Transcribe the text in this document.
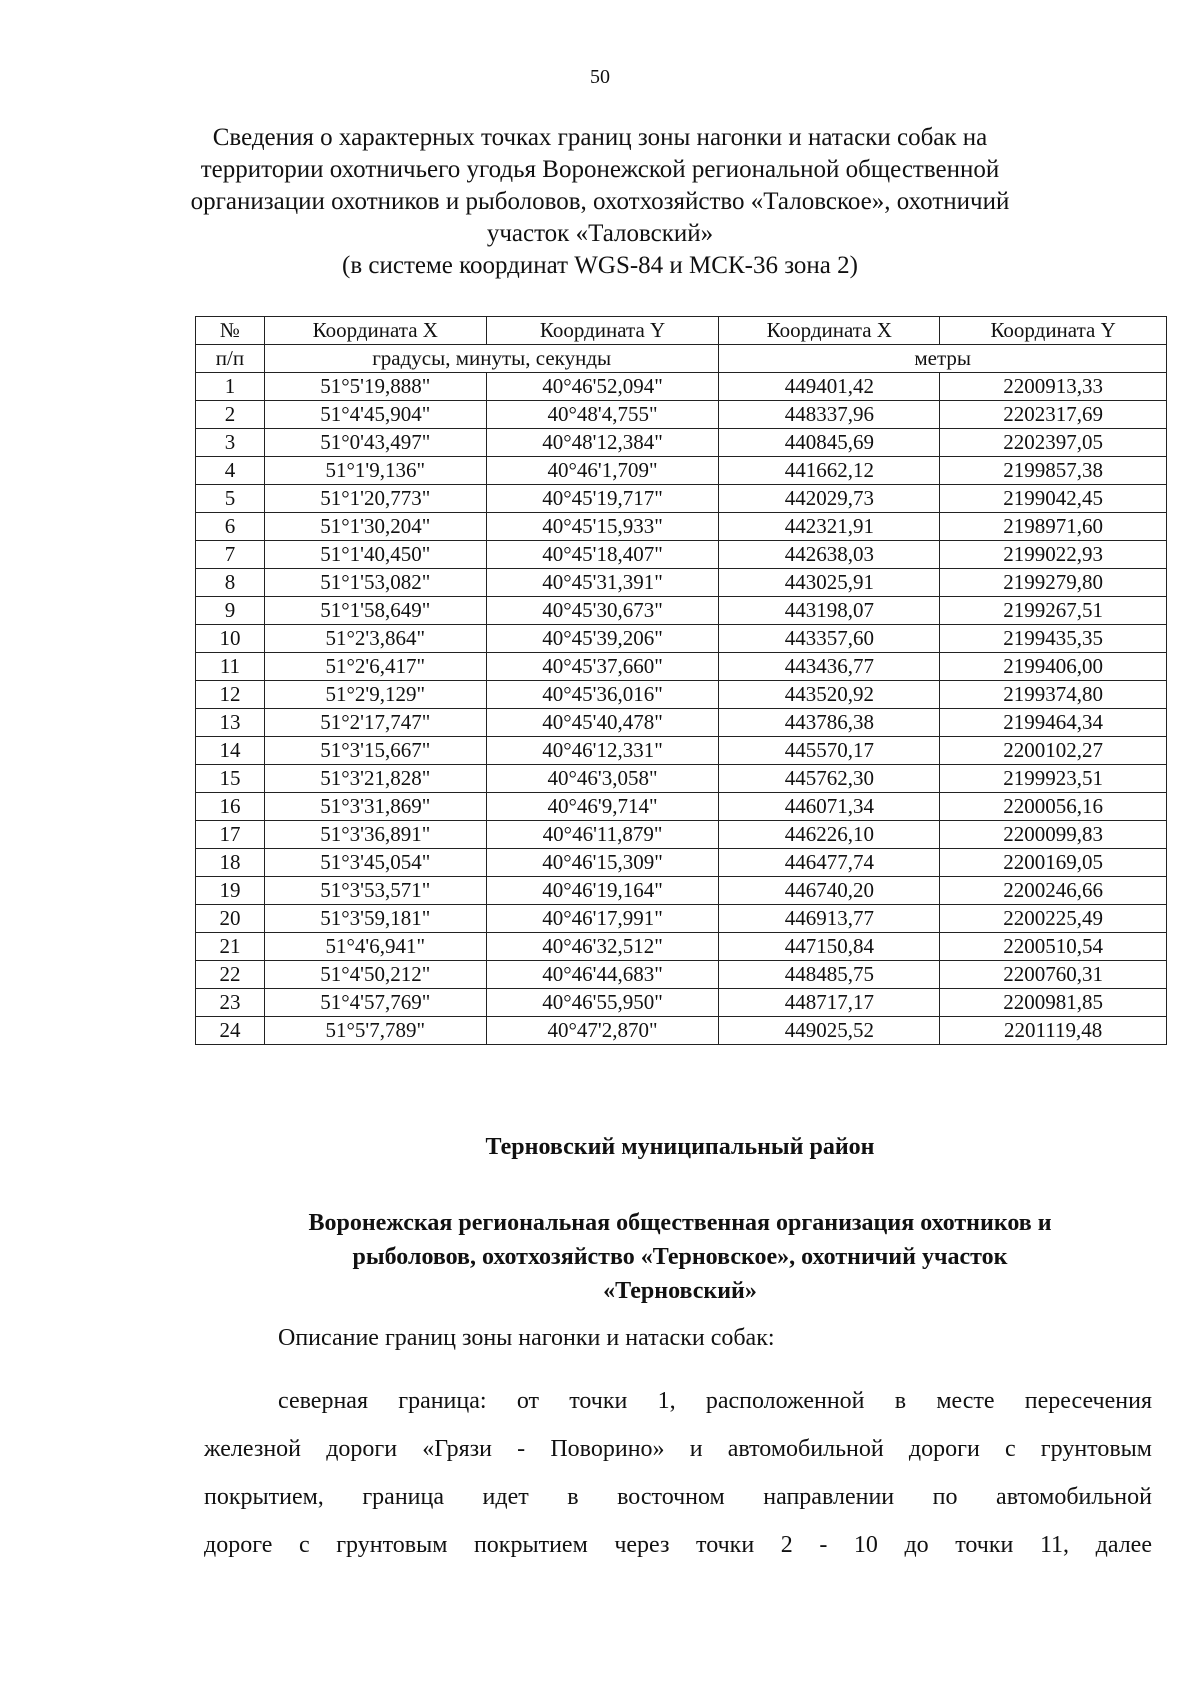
50
Сведения о характерных точках границ зоны нагонки и натаски собак на
территории охотничьего угодья Воронежской региональной общественной
организации охотников и рыболовов, охотхозяйство «Таловское», охотничий
участок «Таловский»
(в системе координат WGS-84 и МСК-36 зона 2)
№	Координата X	Координата Y	Координата X	Координата Y
п/п	градусы, минуты, секунды		метры	
1	51°5'19,888"	40°46'52,094"	449401,42	2200913,33
2	51°4'45,904"	40°48'4,755"	448337,96	2202317,69
3	51°0'43,497"	40°48'12,384"	440845,69	2202397,05
4	51°1'9,136"	40°46'1,709"	441662,12	2199857,38
5	51°1'20,773"	40°45'19,717"	442029,73	2199042,45
6	51°1'30,204"	40°45'15,933"	442321,91	2198971,60
7	51°1'40,450"	40°45'18,407"	442638,03	2199022,93
8	51°1'53,082"	40°45'31,391"	443025,91	2199279,80
9	51°1'58,649"	40°45'30,673"	443198,07	2199267,51
10	51°2'3,864"	40°45'39,206"	443357,60	2199435,35
11	51°2'6,417"	40°45'37,660"	443436,77	2199406,00
12	51°2'9,129"	40°45'36,016"	443520,92	2199374,80
13	51°2'17,747"	40°45'40,478"	443786,38	2199464,34
14	51°3'15,667"	40°46'12,331"	445570,17	2200102,27
15	51°3'21,828"	40°46'3,058"	445762,30	2199923,51
16	51°3'31,869"	40°46'9,714"	446071,34	2200056,16
17	51°3'36,891"	40°46'11,879"	446226,10	2200099,83
18	51°3'45,054"	40°46'15,309"	446477,74	2200169,05
19	51°3'53,571"	40°46'19,164"	446740,20	2200246,66
20	51°3'59,181"	40°46'17,991"	446913,77	2200225,49
21	51°4'6,941"	40°46'32,512"	447150,84	2200510,54
22	51°4'50,212"	40°46'44,683"	448485,75	2200760,31
23	51°4'57,769"	40°46'55,950"	448717,17	2200981,85
24	51°5'7,789"	40°47'2,870"	449025,52	2201119,48
Терновский муниципальный район
Воронежская региональная общественная организация охотников и
рыболовов, охотхозяйство «Терновское», охотничий участок
«Терновский»
Описание границ зоны нагонки и натаски собак:
северная граница: от точки 1, расположенной в месте пересечения
железной дороги «Грязи - Поворино» и автомобильной дороги с грунтовым
покрытием, граница идет в восточном направлении по автомобильной
дороге с грунтовым покрытием через точки 2 - 10 до точки 11, далее
